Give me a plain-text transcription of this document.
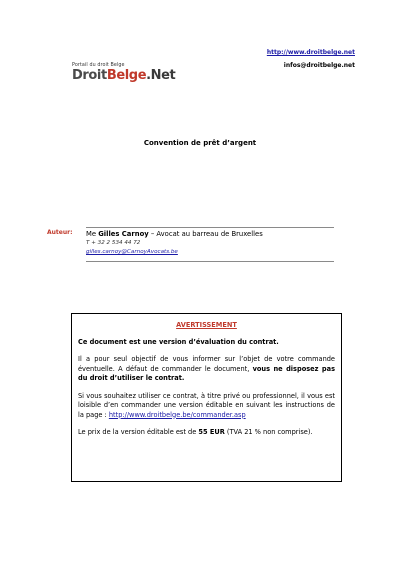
http://www.droitbelge.net
infos@droitbelge.net
Portail du droit Belge
DroitBelge.Net
Convention de prêt d’argent
Auteur: Me Gilles Carnoy – Avocat au barreau de Bruxelles
T + 32 2 534 44 72
gilles.carnoy@CarnoyAvocats.be
AVERTISSEMENT
Ce document est une version d’évaluation du contrat.
Il a pour seul objectif de vous informer sur l’objet de votre commande éventuelle. A défaut de commander le document, vous ne disposez pas du droit d’utiliser le contrat.
Si vous souhaitez utiliser ce contrat, à titre privé ou professionnel, il vous est loisible d’en commander une version éditable en suivant les instructions de la page : http://www.droitbelge.be/commander.asp
Le prix de la version éditable est de 55 EUR (TVA 21 % non comprise).
